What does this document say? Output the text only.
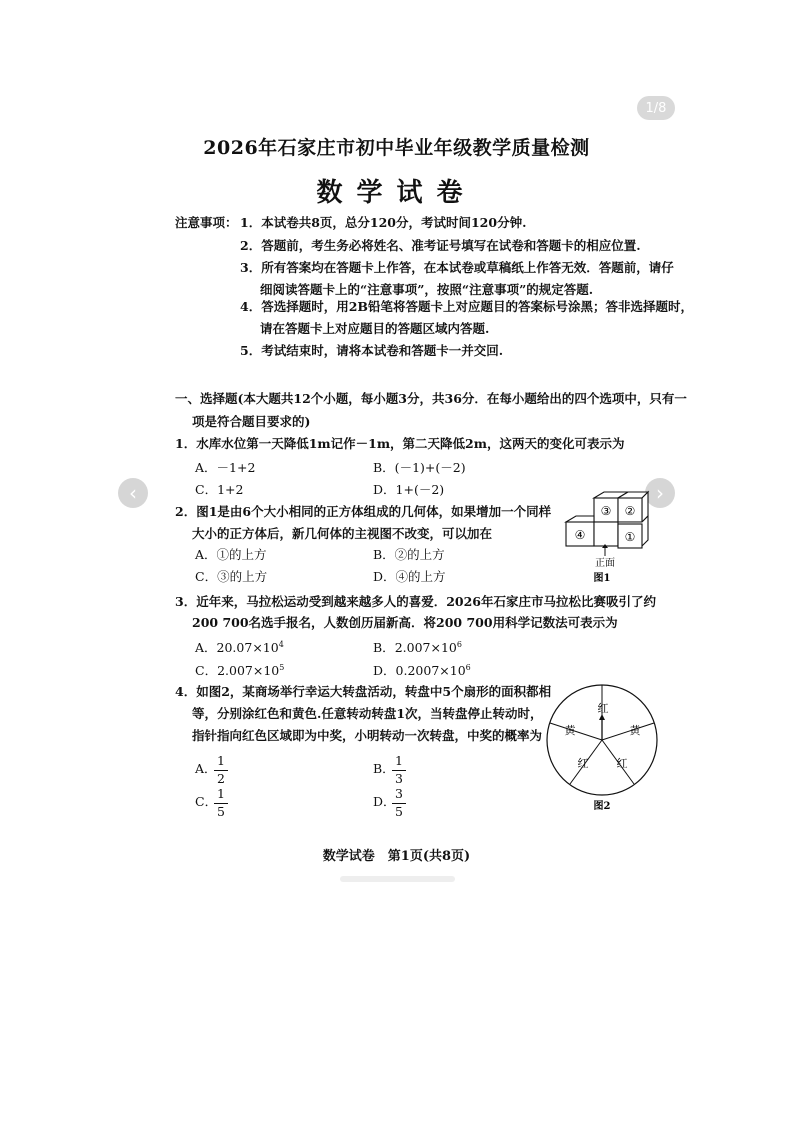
1/8
‹	›
2026年石家庄市初中毕业年级教学质量检测
数学试卷
注意事项： 1．本试卷共8页，总分120分，考试时间120分钟.
2．答题前，考生务必将姓名、准考证号填写在试卷和答题卡的相应位置.
3．所有答案均在答题卡上作答，在本试卷或草稿纸上作答无效．答题前，请仔
细阅读答题卡上的“注意事项”，按照“注意事项”的规定答题.
4．答选择题时，用2B铅笔将答题卡上对应题目的答案标号涂黑；答非选择题时，
请在答题卡上对应题目的答题区域内答题.
5．考试结束时，请将本试卷和答题卡一并交回.
一、选择题(本大题共12个小题，每小题3分，共36分．在每小题给出的四个选项中，只有一
项是符合题目要求的)
1．水库水位第一天降低1m记作－1m，第二天降低2m，这两天的变化可表示为
A．－1+2	B．(－1)+(－2)
C．1+2	D．1+(－2)
2．图1是由6个大小相同的正方体组成的几何体，如果增加一个同样
大小的正方体后，新几何体的主视图不改变，可以加在
A．①的上方	B．②的上方
C．③的上方	D．④的上方
③ ②
④	①
正面
图1
3．近年来，马拉松运动受到越来越多人的喜爱．2026年石家庄市马拉松比赛吸引了约
200 700名选手报名，人数创历届新高．将200 700用科学记数法可表示为
A．$20.07\times 10^4$	B．$2.007\times 10^6$
C．$2.007\times 10^5$	D．$0.2007\times 10^6$
4．如图2，某商场举行幸运大转盘活动，转盘中5个扇形的面积都相
等，分别涂红色和黄色.任意转动转盘1次，当转盘停止转动时，
指针指向红色区域即为中奖，小明转动一次转盘，中奖的概率为
A．
$\frac{1}{2}$	B．
$\frac{1}{3}$
C．
$\frac{1}{5}$	D．
$\frac{3}{5}$
红
黄
红
红
黄
图2
数学试卷　第1页(共8页)
